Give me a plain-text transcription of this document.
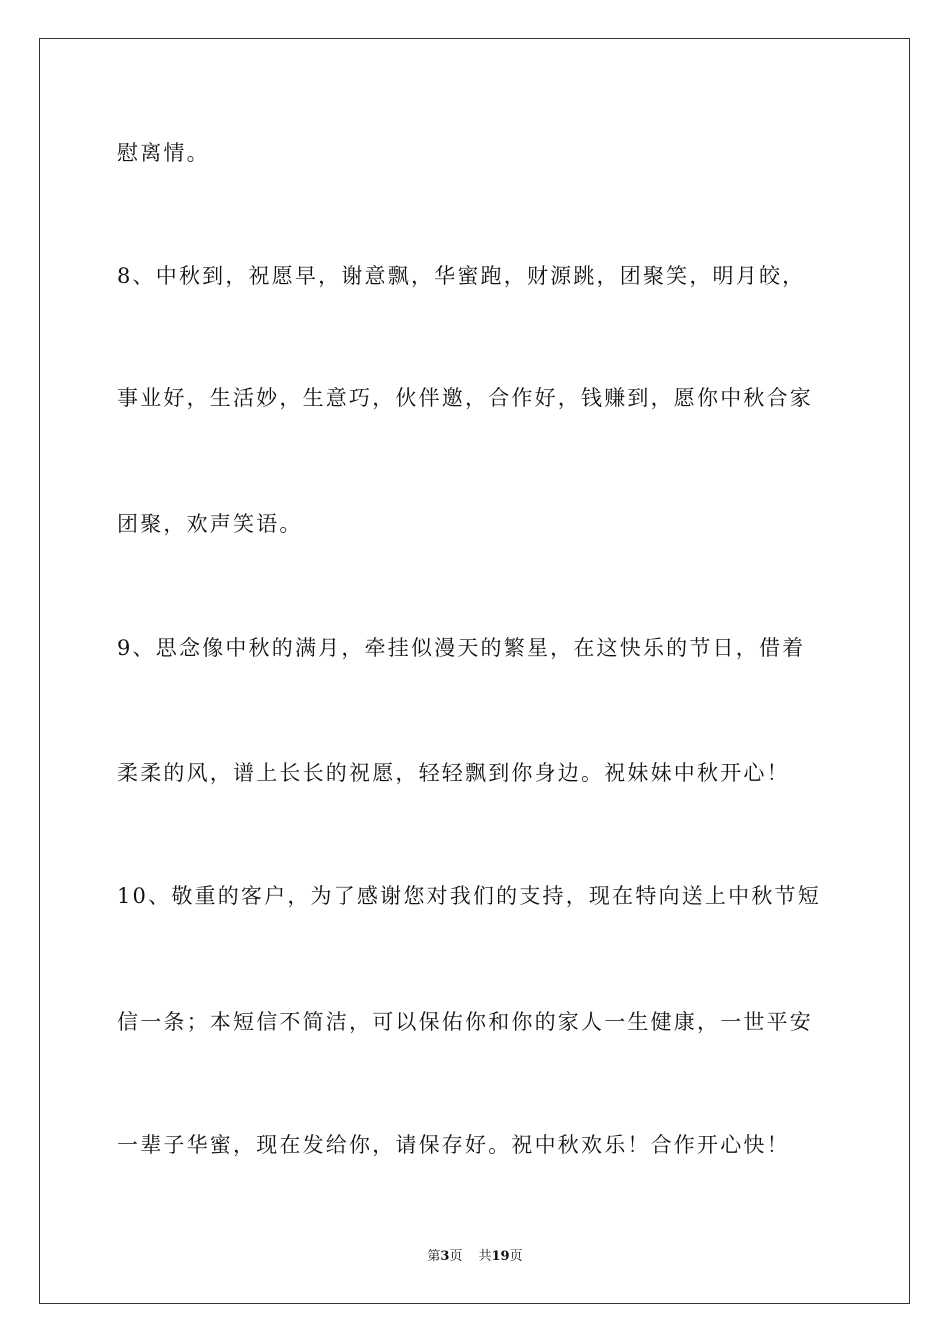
慰离情。
8、中秋到，祝愿早，谢意飘，华蜜跑，财源跳，团聚笑，明月皎，
事业好，生活妙，生意巧，伙伴邀，合作好，钱赚到，愿你中秋合家
团聚，欢声笑语。
9、思念像中秋的满月，牵挂似漫天的繁星，在这快乐的节日，借着
柔柔的风，谱上长长的祝愿，轻轻飘到你身边。祝妹妹中秋开心！
10、敬重的客户，为了感谢您对我们的支持，现在特向送上中秋节短
信一条；本短信不简洁，可以保佑你和你的家人一生健康，一世平安
一辈子华蜜，现在发给你，请保存好。祝中秋欢乐！合作开心快！
第3页 共19页
